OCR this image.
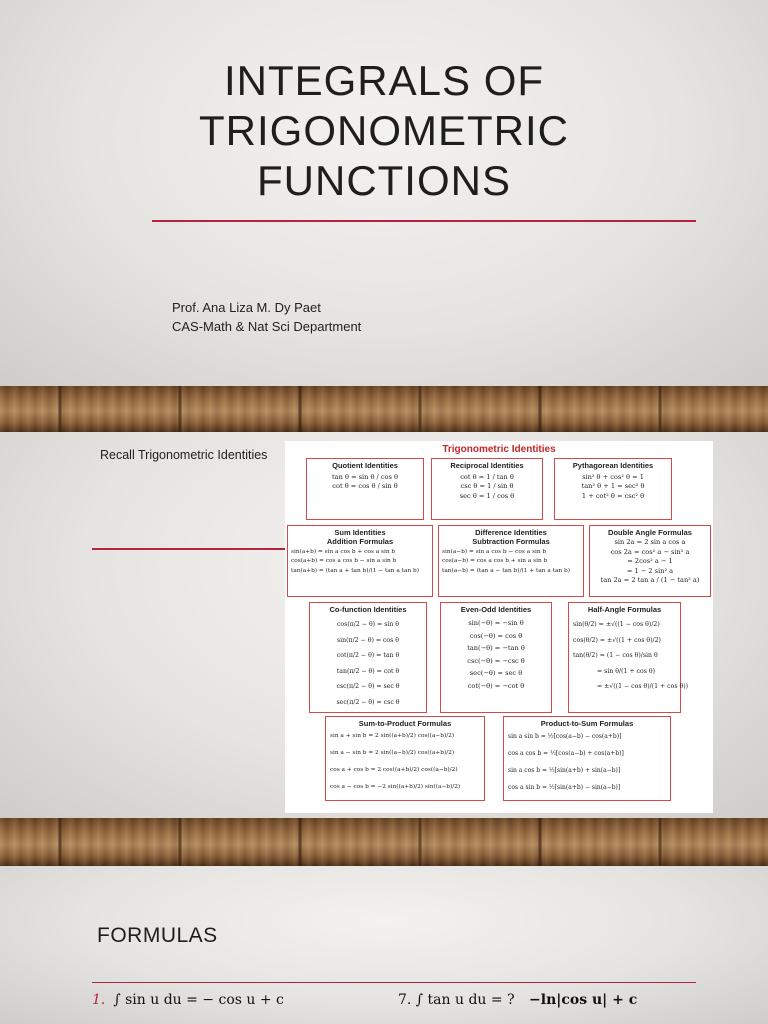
INTEGRALS OF
TRIGONOMETRIC
FUNCTIONS
Prof. Ana Liza M. Dy Paet
CAS-Math & Nat Sci Department
Recall Trigonometric Identities	Trigonometric Identities
Quotient Identities
tan θ = sin θ / cos θ
cot θ = cos θ / sin θ
Reciprocal Identities
cot θ = 1 / tan θ
csc θ = 1 / sin θ
sec θ = 1 / cos θ
Pythagorean Identities
sin² θ + cos² θ = 1
tan² θ + 1 = sec² θ
1 + cot² θ = csc² θ
Sum Identities
Addition Formulas
sin(a+b) = sin a cos b + cos a sin b
cos(a+b) = cos a cos b − sin a sin b
tan(a+b) = (tan a + tan b)/(1 − tan a tan b)
Difference Identities
Subtraction Formulas
sin(a−b) = sin a cos b − cos a sin b
cos(a−b) = cos a cos b + sin a sin b
tan(a−b) = (tan a − tan b)/(1 + tan a tan b)
Double Angle Formulas
sin 2a = 2 sin a cos a
cos 2a = cos² a − sin² a
= 2cos² a − 1
= 1 − 2 sin² a
tan 2a = 2 tan a / (1 − tan² a)
Co-function Identities
cos(π/2 − θ) = sin θ
sin(π/2 − θ) = cos θ
cot(π/2 − θ) = tan θ
tan(π/2 − θ) = cot θ
csc(π/2 − θ) = sec θ
sec(π/2 − θ) = csc θ
Even-Odd Identities
sin(−θ) = −sin θ
cos(−θ) = cos θ
tan(−θ) = −tan θ
csc(−θ) = −csc θ
sec(−θ) = sec θ
cot(−θ) = −cot θ
Half-Angle Formulas
sin(θ/2) = ±√((1 − cos θ)/2)
cos(θ/2) = ±√((1 + cos θ)/2)
tan(θ/2) = (1 − cos θ)/sin θ
= sin θ/(1 + cos θ)
= ±√((1 − cos θ)/(1 + cos θ))
Sum-to-Product Formulas
sin a + sin b = 2 sin((a+b)/2) cos((a−b)/2)
sin a − sin b = 2 sin((a−b)/2) cos((a+b)/2)
cos a + cos b = 2 cos((a+b)/2) cos((a−b)/2)
cos a − cos b = −2 sin((a+b)/2) sin((a−b)/2)
Product-to-Sum Formulas
sin a sin b = ½[cos(a−b) − cos(a+b)]
cos a cos b = ½[cos(a−b) + cos(a+b)]
sin a cos b = ½[sin(a+b) + sin(a−b)]
cos a sin b = ½[sin(a+b) − sin(a−b)]
FORMULAS
1. ∫ sin u du = − cos u + c	7. ∫ tan u du = ? −ln|cos u| + c
